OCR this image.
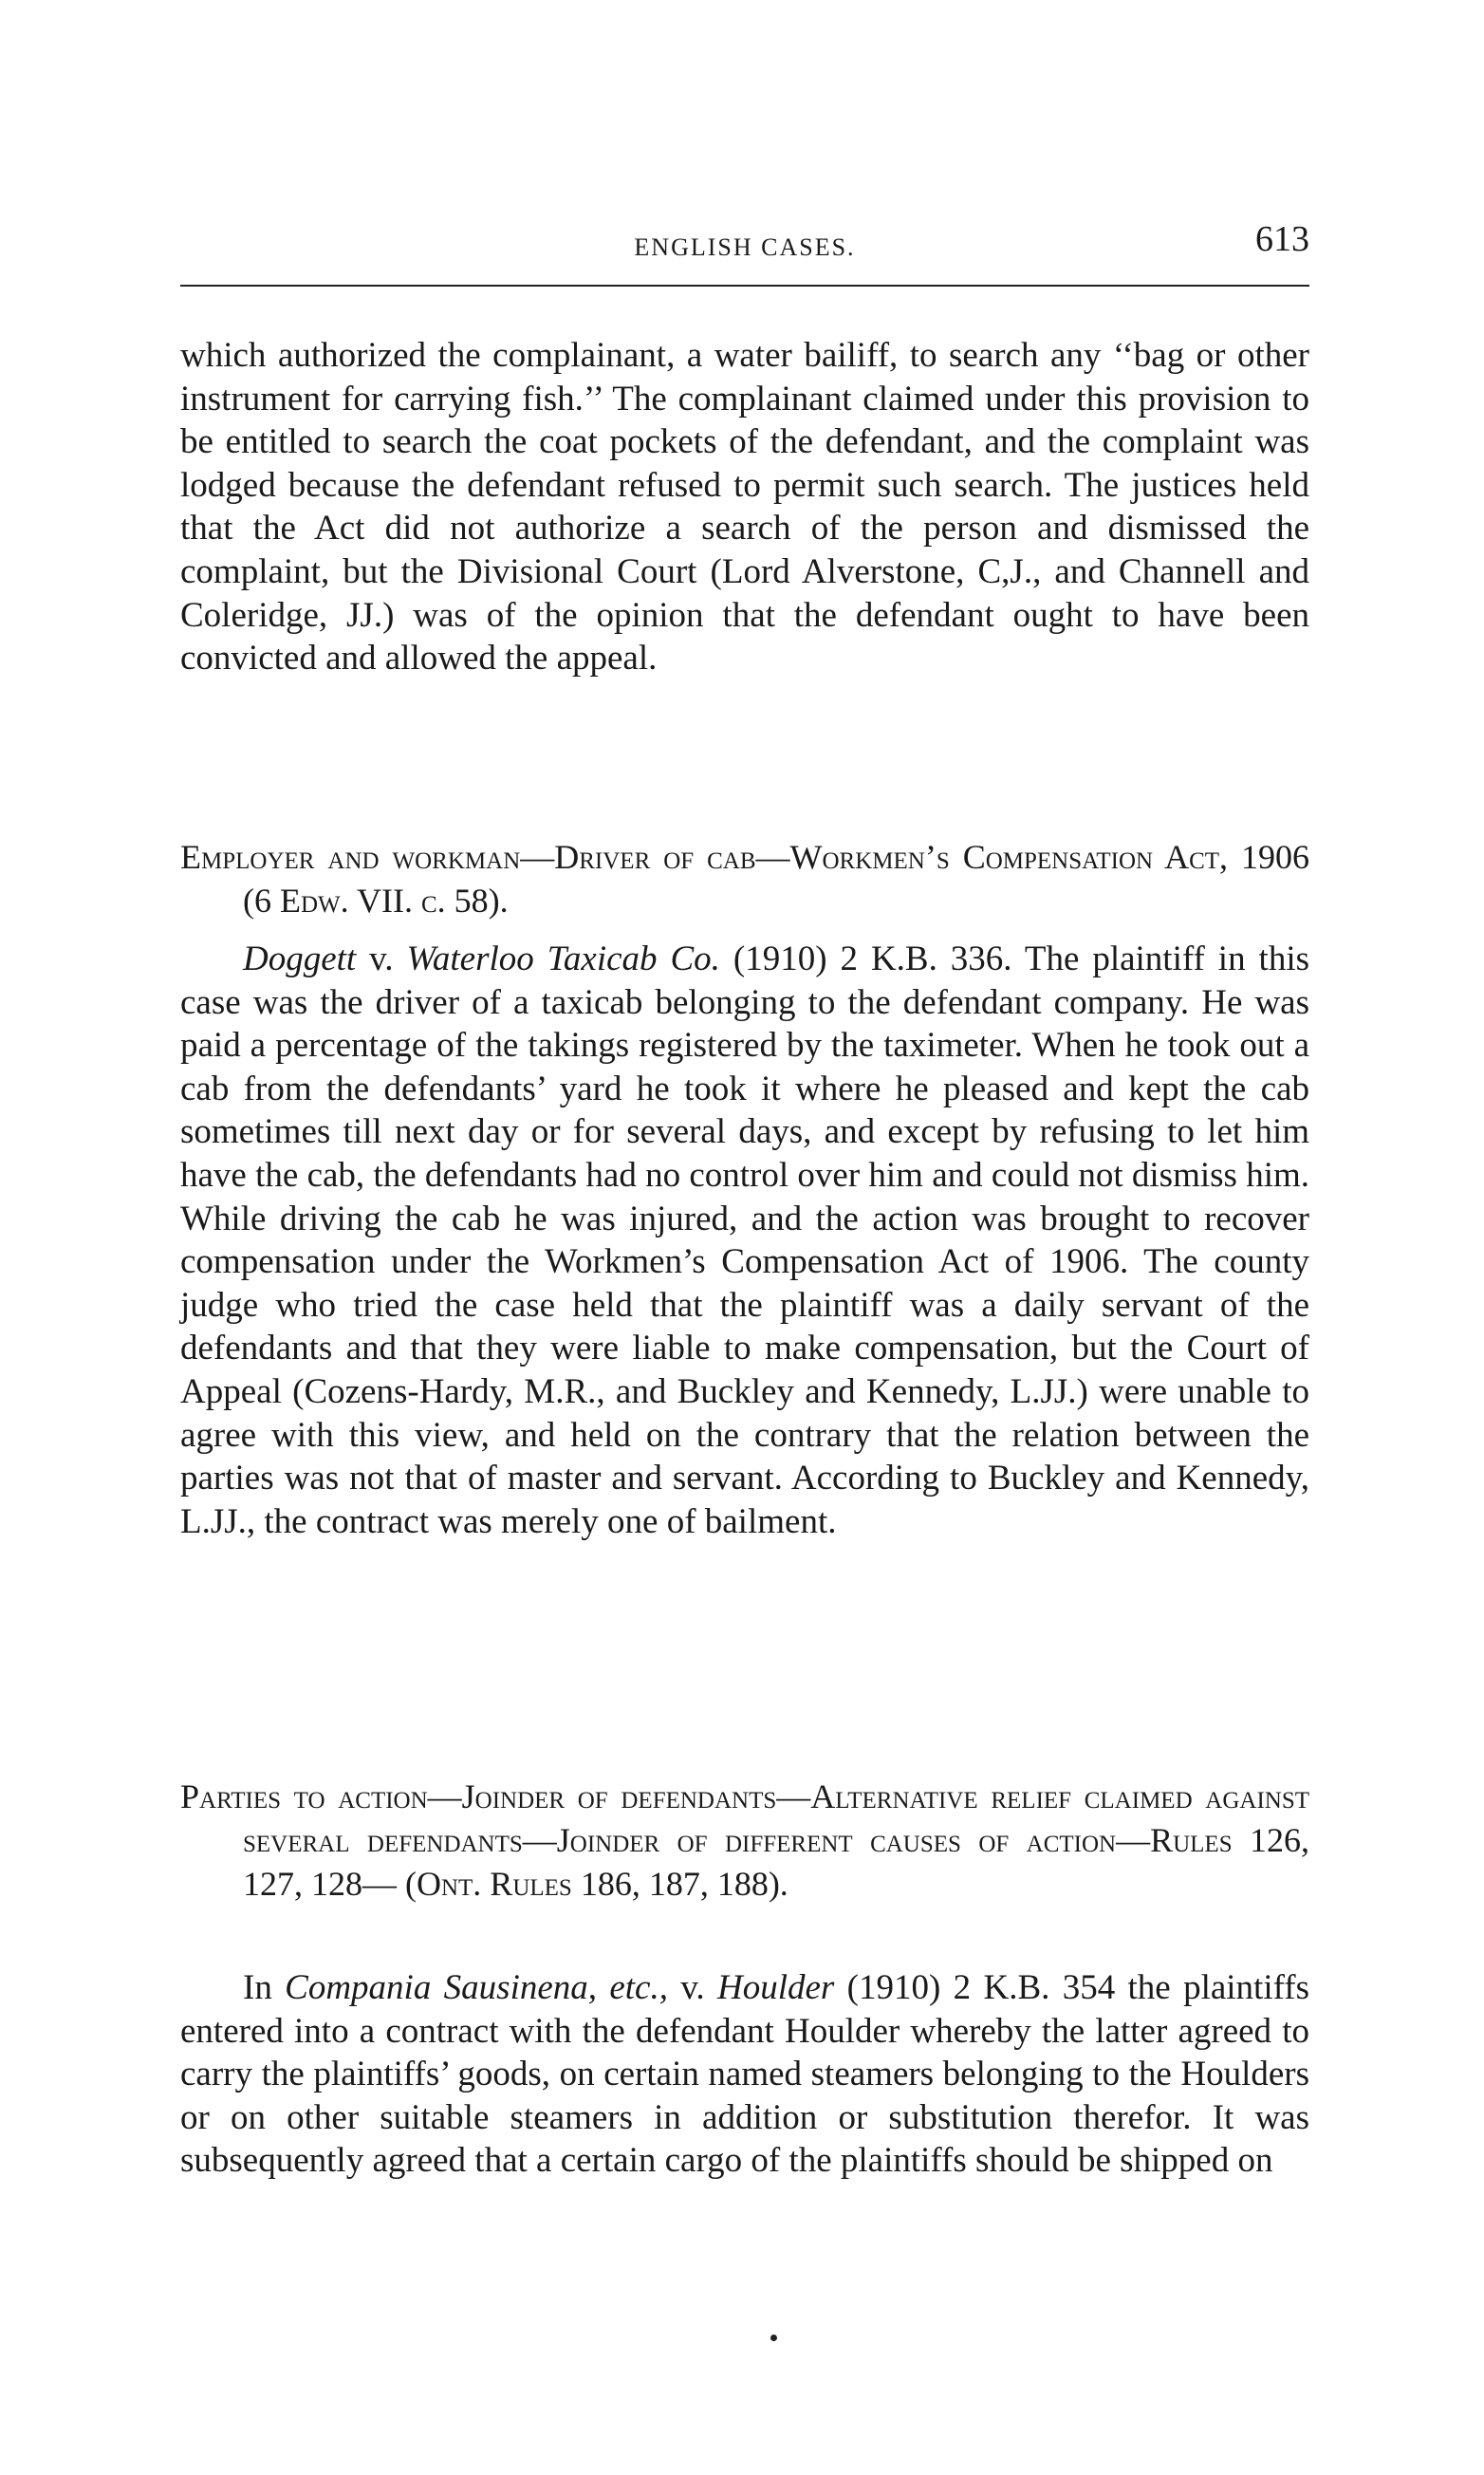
ENGLISH CASES.	613

which authorized the complainant, a water bailiff, to search any ‘‘bag or other instrument for carrying fish.’’ The complainant claimed under this provision to be entitled to search the coat pockets of the defendant, and the complaint was lodged because the defendant refused to permit such search. The justices held that the Act did not authorize a search of the person and dismissed the complaint, but the Divisional Court (Lord Alverstone, C,J., and Channell and Coleridge, JJ.) was of the opinion that the defendant ought to have been convicted and allowed the appeal.

Employer and workman—Driver of cab—Workmen’s Compensation Act, 1906 (6 Edw. VII. c. 58).

Doggett v. Waterloo Taxicab Co. (1910) 2 K.B. 336. The plaintiff in this case was the driver of a taxicab belonging to the defendant company. He was paid a percentage of the takings registered by the taximeter. When he took out a cab from the defendants’ yard he took it where he pleased and kept the cab sometimes till next day or for several days, and except by refusing to let him have the cab, the defendants had no control over him and could not dismiss him. While driving the cab he was injured, and the action was brought to recover compensation under the Workmen’s Compensation Act of 1906. The county judge who tried the case held that the plaintiff was a daily servant of the defendants and that they were liable to make compensation, but the Court of Appeal (Cozens-Hardy, M.R., and Buckley and Kennedy, L.JJ.) were unable to agree with this view, and held on the contrary that the relation between the parties was not that of master and servant. According to Buckley and Kennedy, L.JJ., the contract was merely one of bailment.

Parties to action—Joinder of defendants—Alternative relief claimed against several defendants—Joinder of different causes of action—Rules 126, 127, 128— (Ont. Rules 186, 187, 188).

In Compania Sausinena, etc., v. Houlder (1910) 2 K.B. 354 the plaintiffs entered into a contract with the defendant Houlder whereby the latter agreed to carry the plaintiffs’ goods, on certain named steamers belonging to the Houlders or on other suitable steamers in addition or substitution therefor. It was subsequently agreed that a certain cargo of the plaintiffs should be shipped on
